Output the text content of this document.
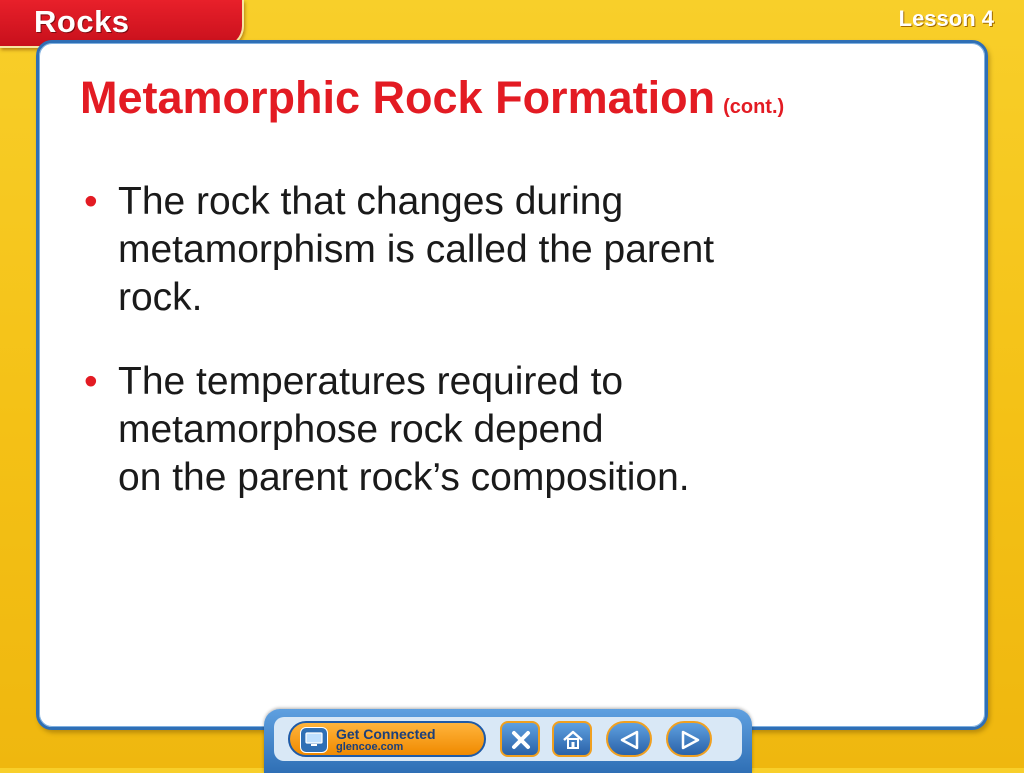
Rocks	Lesson 4
Metamorphic Rock Formation (cont.)
• The rock that changes during
metamorphism is called the parent
rock.
• The temperatures required to
metamorphose rock depend
on the parent rock’s composition.
Get Connected
glencoe.com
